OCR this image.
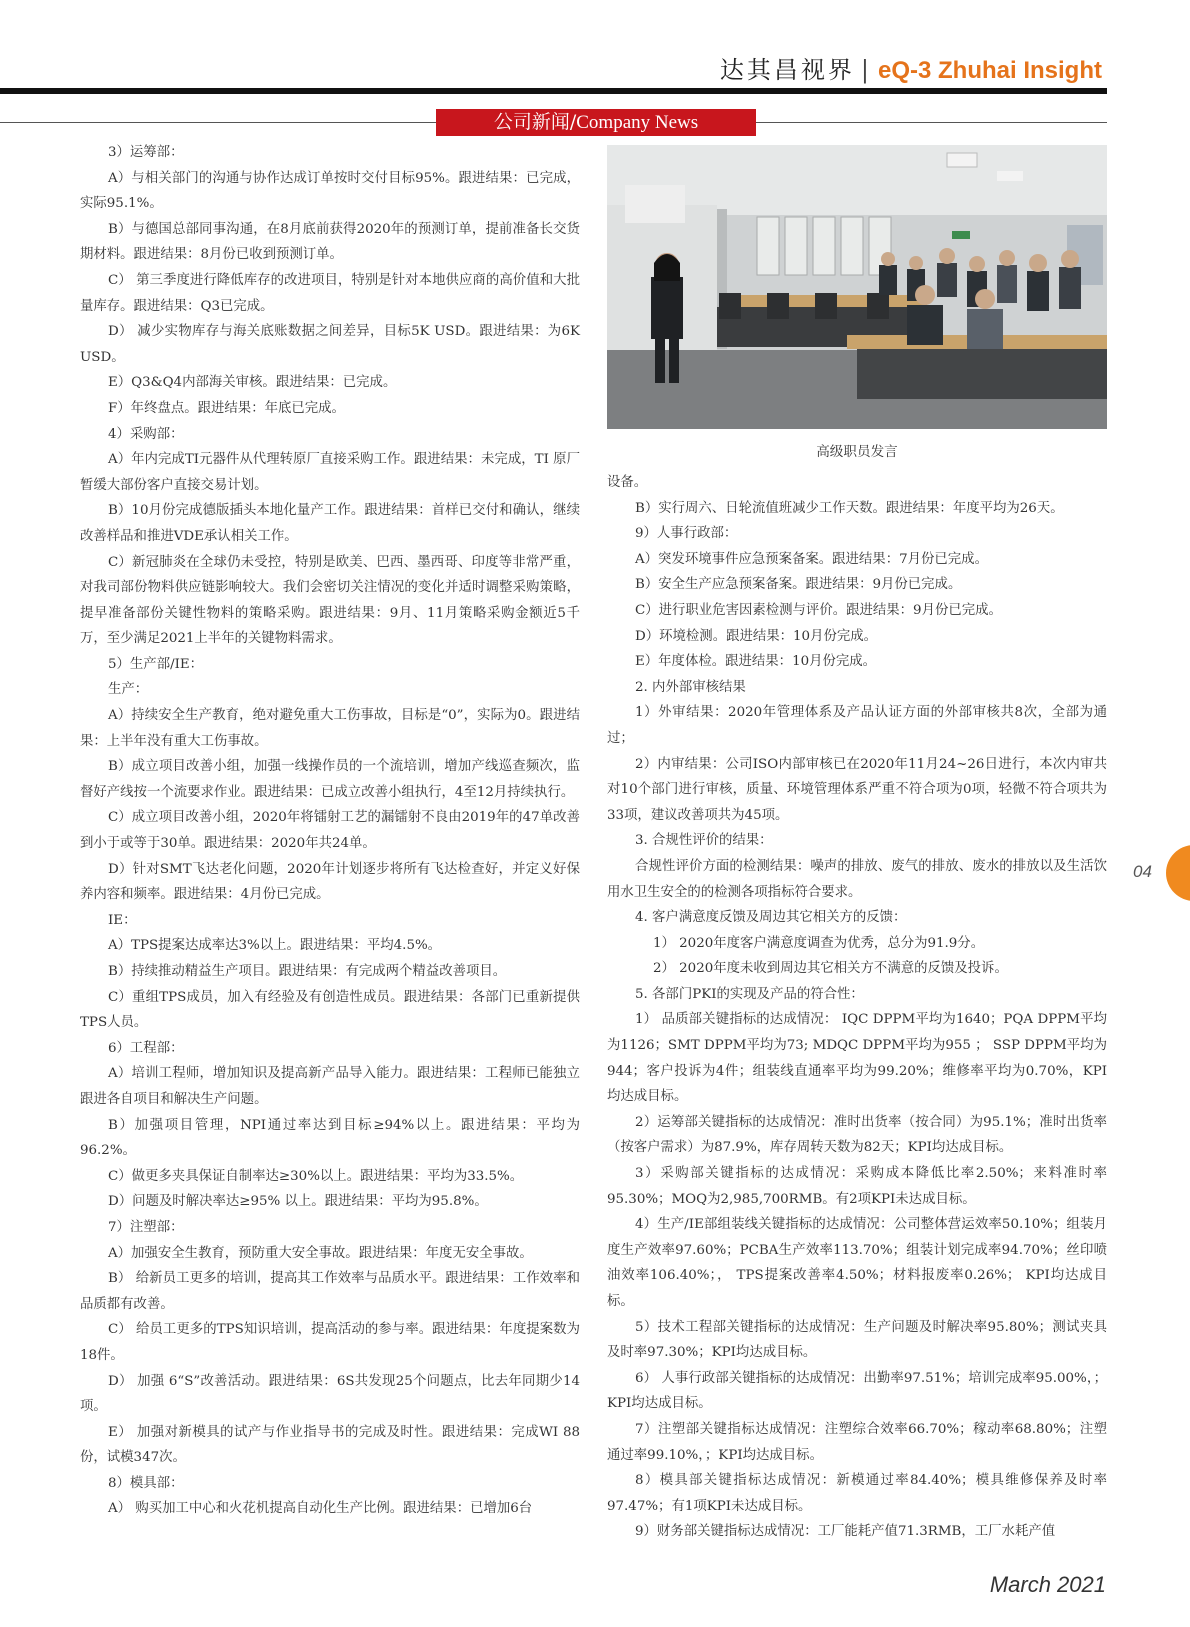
达其昌视界 | eQ-3 Zhuhai Insight
公司新闻/Company News

3）运筹部：

A）与相关部门的沟通与协作达成订单按时交付目标95%。跟进结果：已完成，实际95.1%。

B）与德国总部同事沟通，在8月底前获得2020年的预测订单，提前准备长交货期材料。跟进结果：8月份已收到预测订单。

C） 第三季度进行降低库存的改进项目，特别是针对本地供应商的高价值和大批量库存。跟进结果：Q3已完成。

D） 减少实物库存与海关底账数据之间差异，目标5K USD。跟进结果：为6K USD。

E）Q3&Q4内部海关审核。跟进结果：已完成。

F）年终盘点。跟进结果：年底已完成。

4）采购部：

A）年内完成TI元器件从代理转原厂直接采购工作。跟进结果：未完成，TI 原厂暂缓大部份客户直接交易计划。

B）10月份完成德版插头本地化量产工作。跟进结果：首样已交付和确认，继续改善样品和推进VDE承认相关工作。

C）新冠肺炎在全球仍未受控，特别是欧美、巴西、墨西哥、印度等非常严重，对我司部份物料供应链影响较大。我们会密切关注情况的变化并适时调整采购策略，提早准备部份关键性物料的策略采购。跟进结果：9月、11月策略采购金额近5千万，至少满足2021上半年的关键物料需求。

5）生产部/IE：

生产：

A）持续安全生产教育，绝对避免重大工伤事故，目标是“0”，实际为0。跟进结果：上半年没有重大工伤事故。

B）成立项目改善小组，加强一线操作员的一个流培训，增加产线巡查频次，监督好产线按一个流要求作业。跟进结果：已成立改善小组执行，4至12月持续执行。

C）成立项目改善小组，2020年将镭射工艺的漏镭射不良由2019年的47单改善到小于或等于30单。跟进结果：2020年共24单。

D）针对SMT飞达老化问题，2020年计划逐步将所有飞达检查好，并定义好保养内容和频率。跟进结果：4月份已完成。

IE：

A）TPS提案达成率达3%以上。跟进结果：平均4.5%。

B）持续推动精益生产项目。跟进结果：有完成两个精益改善项目。

C）重组TPS成员，加入有经验及有创造性成员。跟进结果：各部门已重新提供TPS人员。

6）工程部：

A）培训工程师，增加知识及提高新产品导入能力。跟进结果：工程师已能独立跟进各自项目和解决生产问题。

B）加强项目管理，NPI通过率达到目标≥94%以上。跟进结果：平均为96.2%。

C）做更多夹具保证自制率达≥30%以上。跟进结果：平均为33.5%。

D）问题及时解决率达≥95% 以上。跟进结果：平均为95.8%。

7）注塑部：

A）加强安全生教育，预防重大安全事故。跟进结果：年度无安全事故。

B） 给新员工更多的培训，提高其工作效率与品质水平。跟进结果：工作效率和品质都有改善。

C） 给员工更多的TPS知识培训，提高活动的参与率。跟进结果：年度提案数为18件。

D） 加强 6“S”改善活动。跟进结果：6S共发现25个问题点，比去年同期少14项。

E） 加强对新模具的试产与作业指导书的完成及时性。跟进结果：完成WI 88份，试模347次。

8）模具部：

A） 购买加工中心和火花机提高自动化生产比例。跟进结果：已增加6台

高级职员发言

设备。

B）实行周六、日轮流值班减少工作天数。跟进结果：年度平均为26天。

9）人事行政部：

A）突发环境事件应急预案备案。跟进结果：7月份已完成。

B）安全生产应急预案备案。跟进结果：9月份已完成。

C）进行职业危害因素检测与评价。跟进结果：9月份已完成。

D）环境检测。跟进结果：10月份完成。

E）年度体检。跟进结果：10月份完成。

2. 内外部审核结果

1）外审结果：2020年管理体系及产品认证方面的外部审核共8次，全部为通过；

2）内审结果：公司ISO内部审核已在2020年11月24~26日进行，本次内审共对10个部门进行审核，质量、环境管理体系严重不符合项为0项，轻微不符合项共为33项，建议改善项共为45项。

3. 合规性评价的结果：

合规性评价方面的检测结果：噪声的排放、废气的排放、废水的排放以及生活饮用水卫生安全的的检测各项指标符合要求。

4. 客户满意度反馈及周边其它相关方的反馈：

1） 2020年度客户满意度调查为优秀，总分为91.9分。

2） 2020年度未收到周边其它相关方不满意的反馈及投诉。

5. 各部门PKI的实现及产品的符合性：

1） 品质部关键指标的达成情况： IQC DPPM平均为1640；PQA DPPM平均为1126；SMT DPPM平均为73; MDQC DPPM平均为955 ； SSP DPPM平均为944；客户投诉为4件；组装线直通率平均为99.20%；维修率平均为0.70%，KPI均达成目标。

2）运筹部关键指标的达成情况：准时出货率（按合同）为95.1%；准时出货率（按客户需求）为87.9%，库存周转天数为82天；KPI均达成目标。

3）采购部关键指标的达成情况：采购成本降低比率2.50%；来料准时率95.30%；MOQ为2,985,700RMB。有2项KPI未达成目标。

4）生产/IE部组装线关键指标的达成情况：公司整体营运效率50.10%；组装月度生产效率97.60%；PCBA生产效率113.70%；组装计划完成率94.70%；丝印喷油效率106.40%；， TPS提案改善率4.50%；材料报废率0.26%； KPI均达成目标。

5）技术工程部关键指标的达成情况：生产问题及时解决率95.80%；测试夹具及时率97.30%；KPI均达成目标。

6） 人事行政部关键指标的达成情况：出勤率97.51%；培训完成率95.00%，；KPI均达成目标。

7）注塑部关键指标达成情况：注塑综合效率66.70%；稼动率68.80%；注塑通过率99.10%，；KPI均达成目标。

8）模具部关键指标达成情况：新模通过率84.40%；模具维修保养及时率97.47%；有1项KPI未达成目标。

9）财务部关键指标达成情况：工厂能耗产值71.3RMB，工厂水耗产值

04
March 2021
